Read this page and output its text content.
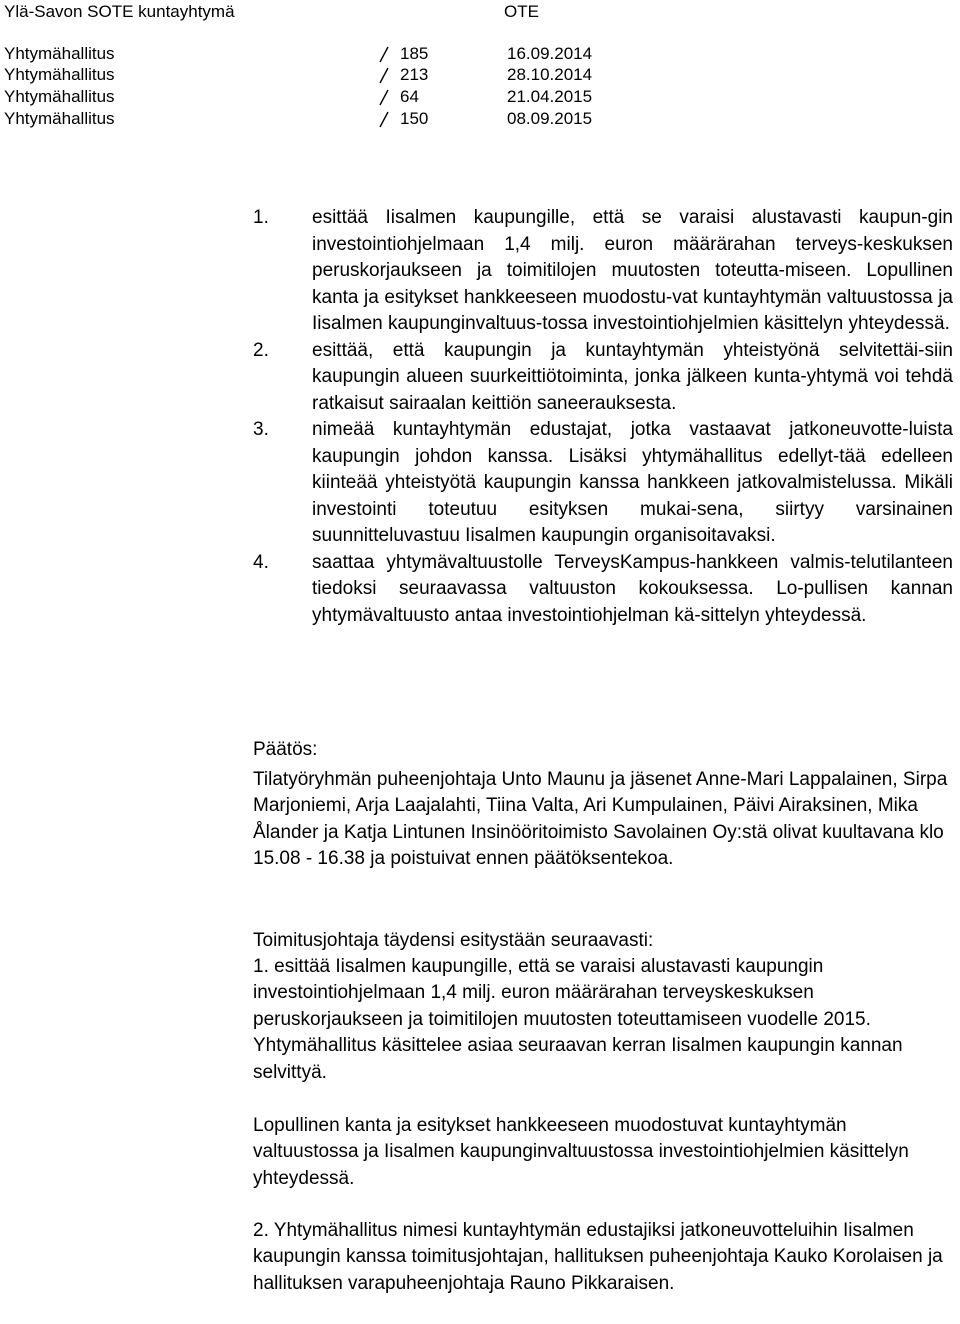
Ylä-Savon SOTE kuntayhtymä	OTE
Yhtymähallitus	185	16.09.2014
Yhtymähallitus	213	28.10.2014
Yhtymähallitus	64	21.04.2015
Yhtymähallitus	150	08.09.2015
1. esittää Iisalmen kaupungille, että se varaisi alustavasti kaupun-gin investointiohjelmaan 1,4 milj. euron määrärahan terveys-keskuksen peruskorjaukseen ja toimitilojen muutosten toteutta-miseen. Lopullinen kanta ja esitykset hankkeeseen muodostu-vat kuntayhtymän valtuustossa ja Iisalmen kaupunginvaltuus-tossa investointiohjelmien käsittelyn yhteydessä.
2. esittää, että kaupungin ja kuntayhtymän yhteistyönä selvitettäi-siin kaupungin alueen suurkeittiötoiminta, jonka jälkeen kunta-yhtymä voi tehdä ratkaisut sairaalan keittiön saneerauksesta.
3. nimeää kuntayhtymän edustajat, jotka vastaavat jatkoneuvotte-luista kaupungin johdon kanssa. Lisäksi yhtymähallitus edellyt-tää edelleen kiinteää yhteistyötä kaupungin kanssa hankkeen jatkovalmistelussa. Mikäli investointi toteutuu esityksen mukai-sena, siirtyy varsinainen suunnitteluvastuu Iisalmen kaupungin organisoitavaksi.
4. saattaa yhtymävaltuustolle TerveysKampus-hankkeen valmis-telutilanteen tiedoksi seuraavassa valtuuston kokouksessa. Lo-pullisen kannan yhtymävaltuusto antaa investointiohjelman kä-sittelyn yhteydessä.
Päätös:
Tilatyöryhmän puheenjohtaja Unto Maunu ja jäsenet Anne-Mari Lappalainen, Sirpa Marjoniemi, Arja Laajalahti, Tiina Valta, Ari Kumpulainen, Päivi Airaksinen, Mika Ålander ja Katja Lintunen Insinööritoimisto Savolainen Oy:stä olivat kuultavana klo 15.08 - 16.38 ja poistuivat ennen päätöksentekoa.
Toimitusjohtaja täydensi esitystään seuraavasti:
1. esittää Iisalmen kaupungille, että se varaisi alustavasti kaupungin investointiohjelmaan 1,4 milj. euron määrärahan terveyskeskuksen peruskorjaukseen ja toimitilojen muutosten toteuttamiseen vuodelle 2015. Yhtymähallitus käsittelee asiaa seuraavan kerran Iisalmen kaupungin kannan selvittyä.
Lopullinen kanta ja esitykset hankkeeseen muodostuvat kuntayhtymän valtuustossa ja Iisalmen kaupunginvaltuustossa investointiohjelmien käsittelyn yhteydessä.
2. Yhtymähallitus nimesi kuntayhtymän edustajiksi jatkoneuvotteluihin Iisalmen kaupungin kanssa toimitusjohtajan, hallituksen puheenjohtaja Kauko Korolaisen ja hallituksen varapuheenjohtaja Rauno Pikkaraisen.
